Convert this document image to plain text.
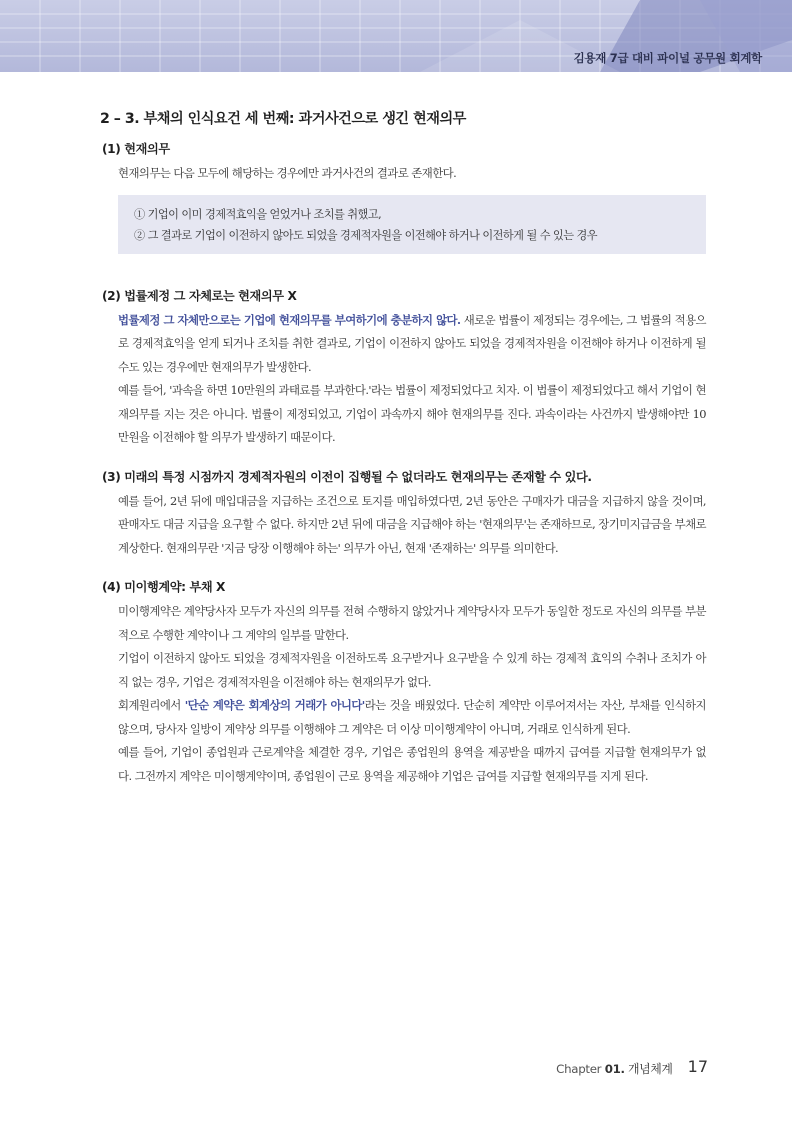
김용재 7급 대비 파이널 공무원 회계학
2 – 3. 부채의 인식요건 세 번째: 과거사건으로 생긴 현재의무
(1) 현재의무
현재의무는 다음 모두에 해당하는 경우에만 과거사건의 결과로 존재한다.
① 기업이 이미 경제적효익을 얻었거나 조치를 취했고,
② 그 결과로 기업이 이전하지 않아도 되었을 경제적자원을 이전해야 하거나 이전하게 될 수 있는 경우
(2) 법률제정 그 자체로는 현재의무 X
법률제정 그 자체만으로는 기업에 현재의무를 부여하기에 충분하지 않다. 새로운 법률이 제정되는 경우에는, 그 법률의 적용으로 경제적효익을 얻게 되거나 조치를 취한 결과로, 기업이 이전하지 않아도 되었을 경제적자원을 이전해야 하거나 이전하게 될 수도 있는 경우에만 현재의무가 발생한다.
예를 들어, '과속을 하면 10만원의 과태료를 부과한다.'라는 법률이 제정되었다고 치자. 이 법률이 제정되었다고 해서 기업이 현재의무를 지는 것은 아니다. 법률이 제정되었고, 기업이 과속까지 해야 현재의무를 진다. 과속이라는 사건까지 발생해야만 10만원을 이전해야 할 의무가 발생하기 때문이다.
(3) 미래의 특정 시점까지 경제적자원의 이전이 집행될 수 없더라도 현재의무는 존재할 수 있다.
예를 들어, 2년 뒤에 매입대금을 지급하는 조건으로 토지를 매입하였다면, 2년 동안은 구매자가 대금을 지급하지 않을 것이며, 판매자도 대금 지급을 요구할 수 없다. 하지만 2년 뒤에 대금을 지급해야 하는 '현재의무'는 존재하므로, 장기미지급금을 부채로 계상한다. 현재의무란 '지금 당장 이행해야 하는' 의무가 아닌, 현재 '존재하는' 의무를 의미한다.
(4) 미이행계약: 부채 X
미이행계약은 계약당사자 모두가 자신의 의무를 전혀 수행하지 않았거나 계약당사자 모두가 동일한 정도로 자신의 의무를 부분적으로 수행한 계약이나 그 계약의 일부를 말한다.
기업이 이전하지 않아도 되었을 경제적자원을 이전하도록 요구받거나 요구받을 수 있게 하는 경제적 효익의 수취나 조치가 아직 없는 경우, 기업은 경제적자원을 이전해야 하는 현재의무가 없다.
회계원리에서 '단순 계약은 회계상의 거래가 아니다'라는 것을 배웠었다. 단순히 계약만 이루어져서는 자산, 부채를 인식하지 않으며, 당사자 일방이 계약상 의무를 이행해야 그 계약은 더 이상 미이행계약이 아니며, 거래로 인식하게 된다.
예를 들어, 기업이 종업원과 근로계약을 체결한 경우, 기업은 종업원의 용역을 제공받을 때까지 급여를 지급할 현재의무가 없다. 그전까지 계약은 미이행계약이며, 종업원이 근로 용역을 제공해야 기업은 급여를 지급할 현재의무를 지게 된다.
Chapter 01. 개념체계 17
